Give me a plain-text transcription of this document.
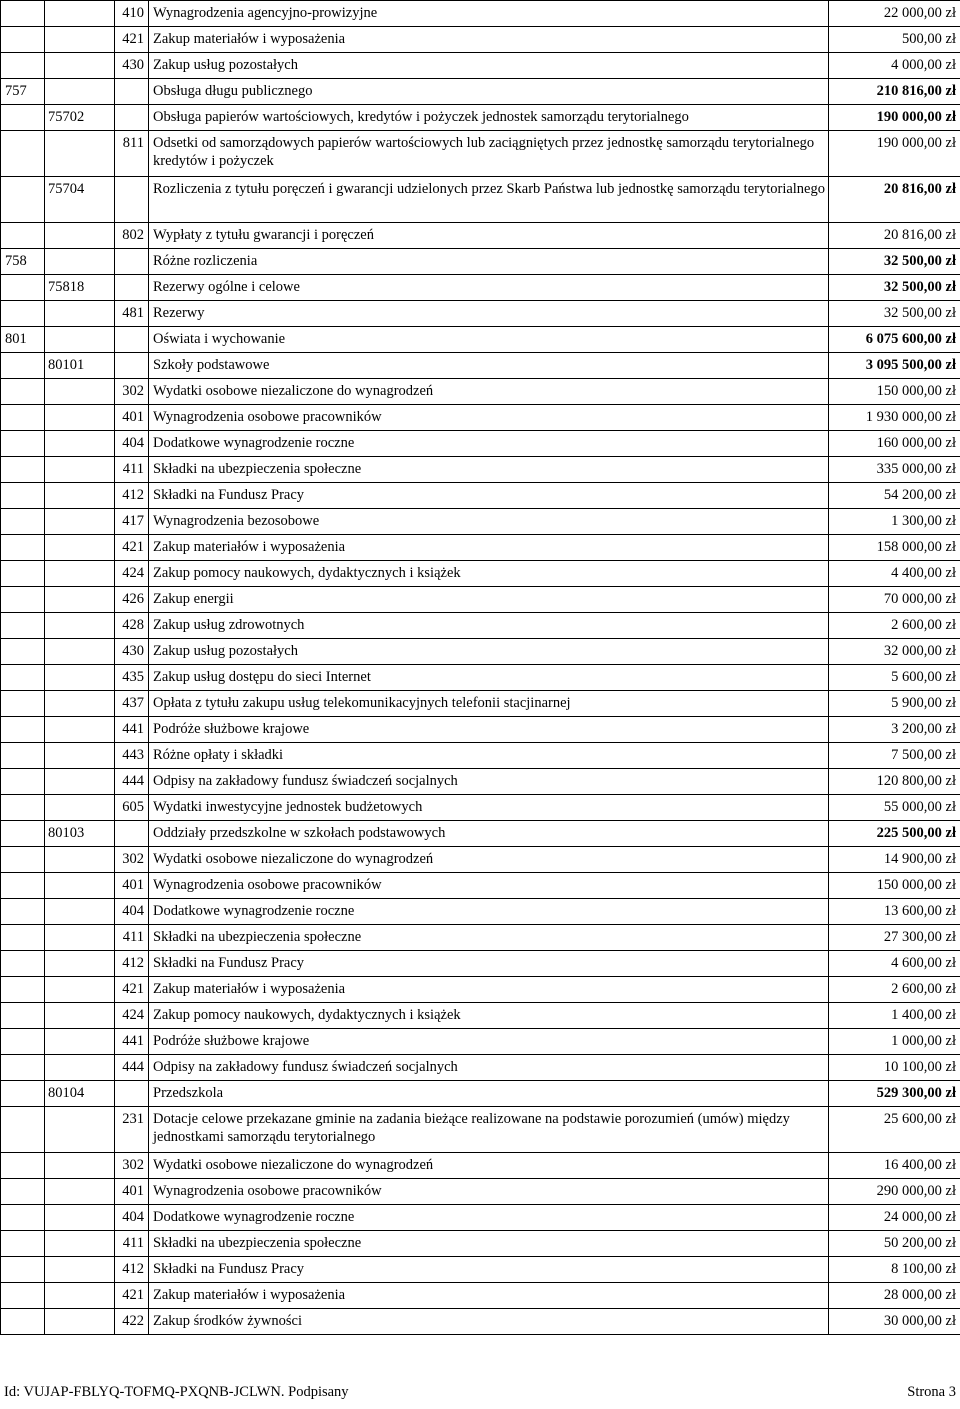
		410	Wynagrodzenia agencyjno-prowizyjne	22 000,00 zł
		421	Zakup materiałów i wyposażenia	500,00 zł
		430	Zakup usług pozostałych	4 000,00 zł
757			Obsługa długu publicznego	210 816,00 zł
	75702		Obsługa papierów wartościowych, kredytów i pożyczek jednostek samorządu terytorialnego	190 000,00 zł
		811	Odsetki od samorządowych papierów wartościowych lub zaciągniętych przez jednostkę samorządu terytorialnego kredytów i pożyczek	190 000,00 zł
	75704		Rozliczenia z tytułu poręczeń i gwarancji udzielonych przez Skarb Państwa lub jednostkę samorządu terytorialnego	20 816,00 zł
		802	Wypłaty z tytułu gwarancji i poręczeń	20 816,00 zł
758			Różne rozliczenia	32 500,00 zł
	75818		Rezerwy ogólne i celowe	32 500,00 zł
		481	Rezerwy	32 500,00 zł
801			Oświata i wychowanie	6 075 600,00 zł
	80101		Szkoły podstawowe	3 095 500,00 zł
		302	Wydatki osobowe niezaliczone do wynagrodzeń	150 000,00 zł
		401	Wynagrodzenia osobowe pracowników	1 930 000,00 zł
		404	Dodatkowe wynagrodzenie roczne	160 000,00 zł
		411	Składki na ubezpieczenia społeczne	335 000,00 zł
		412	Składki na Fundusz Pracy	54 200,00 zł
		417	Wynagrodzenia bezosobowe	1 300,00 zł
		421	Zakup materiałów i wyposażenia	158 000,00 zł
		424	Zakup pomocy naukowych, dydaktycznych i książek	4 400,00 zł
		426	Zakup energii	70 000,00 zł
		428	Zakup usług zdrowotnych	2 600,00 zł
		430	Zakup usług pozostałych	32 000,00 zł
		435	Zakup usług dostępu do sieci Internet	5 600,00 zł
		437	Opłata z tytułu zakupu usług telekomunikacyjnych telefonii stacjinarnej	5 900,00 zł
		441	Podróże służbowe krajowe	3 200,00 zł
		443	Różne opłaty i składki	7 500,00 zł
		444	Odpisy na zakładowy fundusz świadczeń socjalnych	120 800,00 zł
		605	Wydatki inwestycyjne jednostek budżetowych	55 000,00 zł
	80103		Oddziały przedszkolne w szkołach podstawowych	225 500,00 zł
		302	Wydatki osobowe niezaliczone do wynagrodzeń	14 900,00 zł
		401	Wynagrodzenia osobowe pracowników	150 000,00 zł
		404	Dodatkowe wynagrodzenie roczne	13 600,00 zł
		411	Składki na ubezpieczenia społeczne	27 300,00 zł
		412	Składki na Fundusz Pracy	4 600,00 zł
		421	Zakup materiałów i wyposażenia	2 600,00 zł
		424	Zakup pomocy naukowych, dydaktycznych i książek	1 400,00 zł
		441	Podróże służbowe krajowe	1 000,00 zł
		444	Odpisy na zakładowy fundusz świadczeń socjalnych	10 100,00 zł
	80104		Przedszkola	529 300,00 zł
		231	Dotacje celowe przekazane gminie na zadania bieżące realizowane na podstawie porozumień (umów) między jednostkami samorządu terytorialnego	25 600,00 zł
		302	Wydatki osobowe niezaliczone do wynagrodzeń	16 400,00 zł
		401	Wynagrodzenia osobowe pracowników	290 000,00 zł
		404	Dodatkowe wynagrodzenie roczne	24 000,00 zł
		411	Składki na ubezpieczenia społeczne	50 200,00 zł
		412	Składki na Fundusz Pracy	8 100,00 zł
		421	Zakup materiałów i wyposażenia	28 000,00 zł
		422	Zakup środków żywności	30 000,00 zł
Id: VUJAP-FBLYQ-TOFMQ-PXQNB-JCLWN. Podpisany	Strona 3
